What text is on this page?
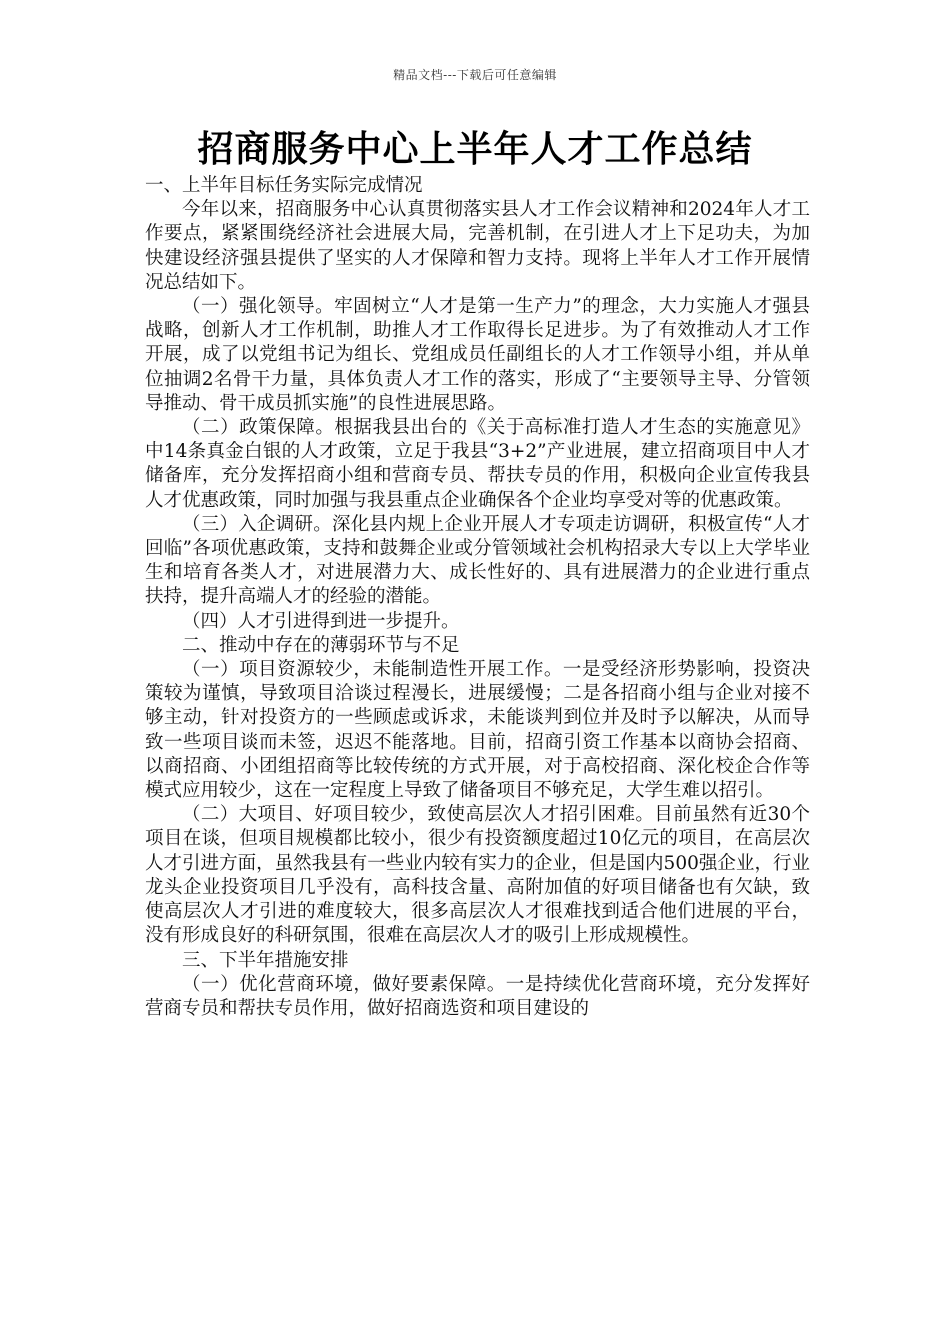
精品文档---下载后可任意编辑
招商服务中心上半年人才工作总结

一、上半年目标任务实际完成情况

今年以来，招商服务中心认真贯彻落实县人才工作会议精神和2024年人才工作要点，紧紧围绕经济社会进展大局，完善机制，在引进人才上下足功夫，为加快建设经济强县提供了坚实的人才保障和智力支持。现将上半年人才工作开展情况总结如下。

（一）强化领导。牢固树立“人才是第一生产力”的理念，大力实施人才强县战略，创新人才工作机制，助推人才工作取得长足进步。为了有效推动人才工作开展，成了以党组书记为组长、党组成员任副组长的人才工作领导小组，并从单位抽调2名骨干力量，具体负责人才工作的落实，形成了“主要领导主导、分管领导推动、骨干成员抓实施”的良性进展思路。

（二）政策保障。根据我县出台的《关于高标准打造人才生态的实施意见》中14条真金白银的人才政策，立足于我县“3+2”产业进展，建立招商项目中人才储备库，充分发挥招商小组和营商专员、帮扶专员的作用，积极向企业宣传我县人才优惠政策，同时加强与我县重点企业确保各个企业均享受对等的优惠政策。

（三）入企调研。深化县内规上企业开展人才专项走访调研，积极宣传“人才回临”各项优惠政策，支持和鼓舞企业或分管领域社会机构招录大专以上大学毕业生和培育各类人才，对进展潜力大、成长性好的、具有进展潜力的企业进行重点扶持，提升高端人才的经验的潜能。

（四）人才引进得到进一步提升。

二、推动中存在的薄弱环节与不足

（一）项目资源较少，未能制造性开展工作。一是受经济形势影响，投资决策较为谨慎，导致项目洽谈过程漫长，进展缓慢；二是各招商小组与企业对接不够主动，针对投资方的一些顾虑或诉求，未能谈判到位并及时予以解决，从而导致一些项目谈而未签，迟迟不能落地。目前，招商引资工作基本以商协会招商、以商招商、小团组招商等比较传统的方式开展，对于高校招商、深化校企合作等模式应用较少，这在一定程度上导致了储备项目不够充足，大学生难以招引。

（二）大项目、好项目较少，致使高层次人才招引困难。目前虽然有近30个项目在谈，但项目规模都比较小，很少有投资额度超过10亿元的项目，在高层次人才引进方面，虽然我县有一些业内较有实力的企业，但是国内500强企业，行业龙头企业投资项目几乎没有，高科技含量、高附加值的好项目储备也有欠缺，致使高层次人才引进的难度较大，很多高层次人才很难找到适合他们进展的平台，没有形成良好的科研氛围，很难在高层次人才的吸引上形成规模性。

三、下半年措施安排

（一）优化营商环境，做好要素保障。一是持续优化营商环境，充分发挥好营商专员和帮扶专员作用，做好招商选资和项目建设的
